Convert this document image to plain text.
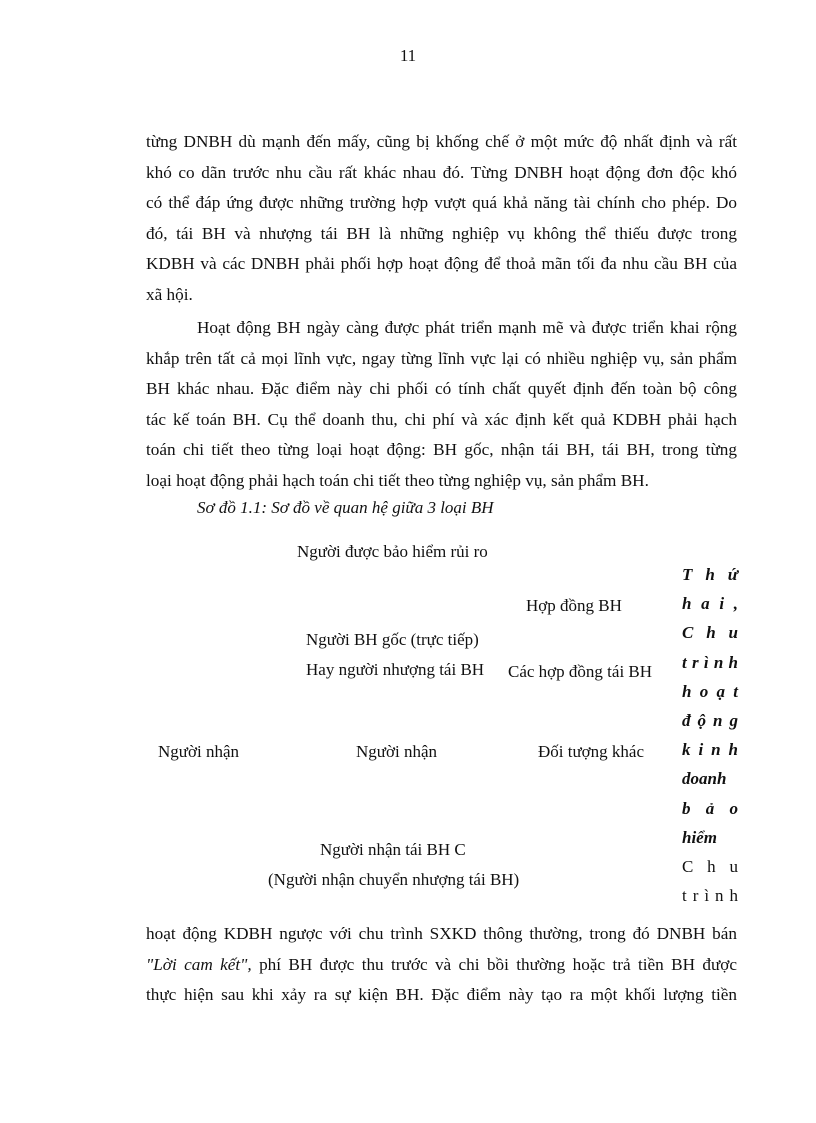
11
từng DNBH dù mạnh đến mấy, cũng bị khống chế ở một mức độ nhất định và rất
khó co dãn trước nhu cầu rất khác nhau đó. Từng DNBH hoạt động đơn độc khó
có thể đáp ứng được những trường hợp vượt quá khả năng tài chính cho phép. Do
đó, tái BH và nhượng tái BH là những nghiệp vụ không thể thiếu được trong
KDBH và các DNBH phải phối hợp hoạt động để thoả mãn tối đa nhu cầu BH của
xã hội.
Hoạt động BH ngày càng được phát triển mạnh mẽ và được triển khai rộng
khắp trên tất cả mọi lĩnh vực, ngay từng lĩnh vực lại có nhiều nghiệp vụ, sản phẩm
BH khác nhau. Đặc điểm này chi phối có tính chất quyết định đến toàn bộ công
tác kế toán BH. Cụ thể doanh thu, chi phí và xác định kết quả KDBH phải hạch
toán chi tiết theo từng loại hoạt động: BH gốc, nhận tái BH, tái BH, trong từng
loại hoạt động phải hạch toán chi tiết theo từng nghiệp vụ, sản phẩm BH.
Sơ đồ 1.1: Sơ đồ về quan hệ giữa 3 loại BH
Người được bảo hiểm rủi ro
Hợp đồng BH
Người BH gốc (trực tiếp)
Hay người nhượng tái BH Các hợp đồng tái BH
Người nhận	Người nhận	Đối tượng khác
Người nhận tái BH C
(Người nhận chuyển nhượng tái BH)
T h ứ
h a i ,
C h u
t r ì n h
h o ạ t
đ ộ n g
k i n h
doanh
b ả o
hiểm
C h u
t r ì n h
hoạt động KDBH ngược với chu trình SXKD thông thường, trong đó DNBH bán
"Lời cam kết", phí BH được thu trước và chi bồi thường hoặc trả tiền BH được
thực hiện sau khi xảy ra sự kiện BH. Đặc điểm này tạo ra một khối lượng tiền
